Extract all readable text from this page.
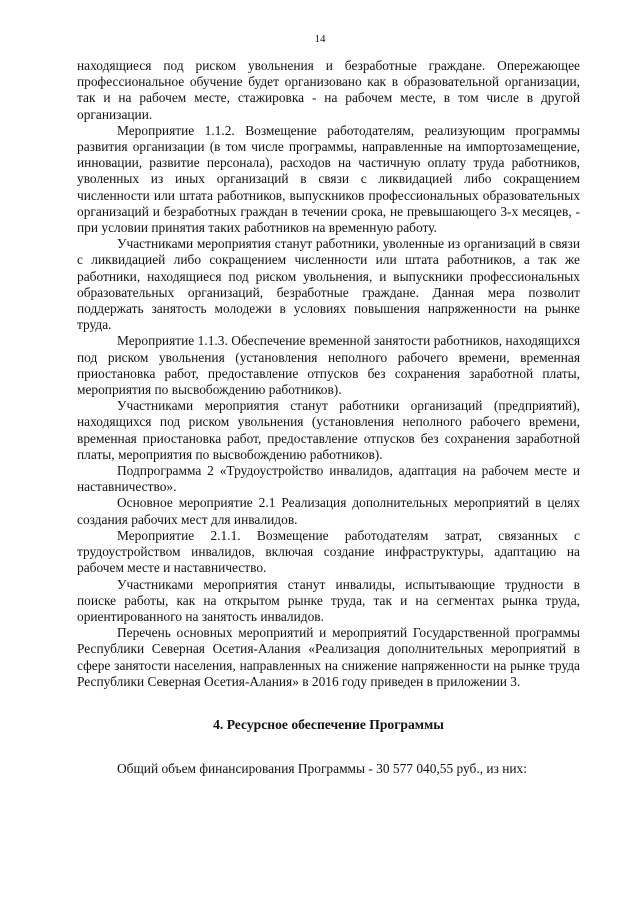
14

находящиеся под риском увольнения и безработные граждане. Опережающее профессиональное обучение будет организовано как в образовательной организации, так и на рабочем месте, стажировка - на рабочем месте, в том числе в другой организации.

Мероприятие 1.1.2. Возмещение работодателям, реализующим программы развития организации (в том числе программы, направленные на импортозамещение, инновации, развитие персонала), расходов на частичную оплату труда работников, уволенных из иных организаций в связи с ликвидацией либо сокращением численности или штата работников, выпускников профессиональных образовательных организаций и безработных граждан в течении срока, не превышающего 3-х месяцев, - при условии принятия таких работников на временную работу.

Участниками мероприятия станут работники, уволенные из организаций в связи с ликвидацией либо сокращением численности или штата работников, а так же работники, находящиеся под риском увольнения, и выпускники профессиональных образовательных организаций, безработные граждане. Данная мера позволит поддержать занятость молодежи в условиях повышения напряженности на рынке труда.

Мероприятие 1.1.3. Обеспечение временной занятости работников, находящихся под риском увольнения (установления неполного рабочего времени, временная приостановка работ, предоставление отпусков без сохранения заработной платы, мероприятия по высвобождению работников).

Участниками мероприятия станут работники организаций (предприятий), находящихся под риском увольнения (установления неполного рабочего времени, временная приостановка работ, предоставление отпусков без сохранения заработной платы, мероприятия по высвобождению работников).

Подпрограмма 2 «Трудоустройство инвалидов, адаптация на рабочем месте и наставничество».

Основное мероприятие 2.1 Реализация дополнительных мероприятий в целях создания рабочих мест для инвалидов.

Мероприятие 2.1.1. Возмещение работодателям затрат, связанных с трудоустройством инвалидов, включая создание инфраструктуры, адаптацию на рабочем месте и наставничество.

Участниками мероприятия станут инвалиды, испытывающие трудности в поиске работы, как на открытом рынке труда, так и на сегментах рынка труда, ориентированного на занятость инвалидов.

Перечень основных мероприятий и мероприятий Государственной программы Республики Северная Осетия-Алания «Реализация дополнительных мероприятий в сфере занятости населения, направленных на снижение напряженности на рынке труда Республики Северная Осетия-Алания» в 2016 году приведен в приложении 3.

4. Ресурсное обеспечение Программы

Общий объем финансирования Программы - 30 577 040,55 руб., из них:
